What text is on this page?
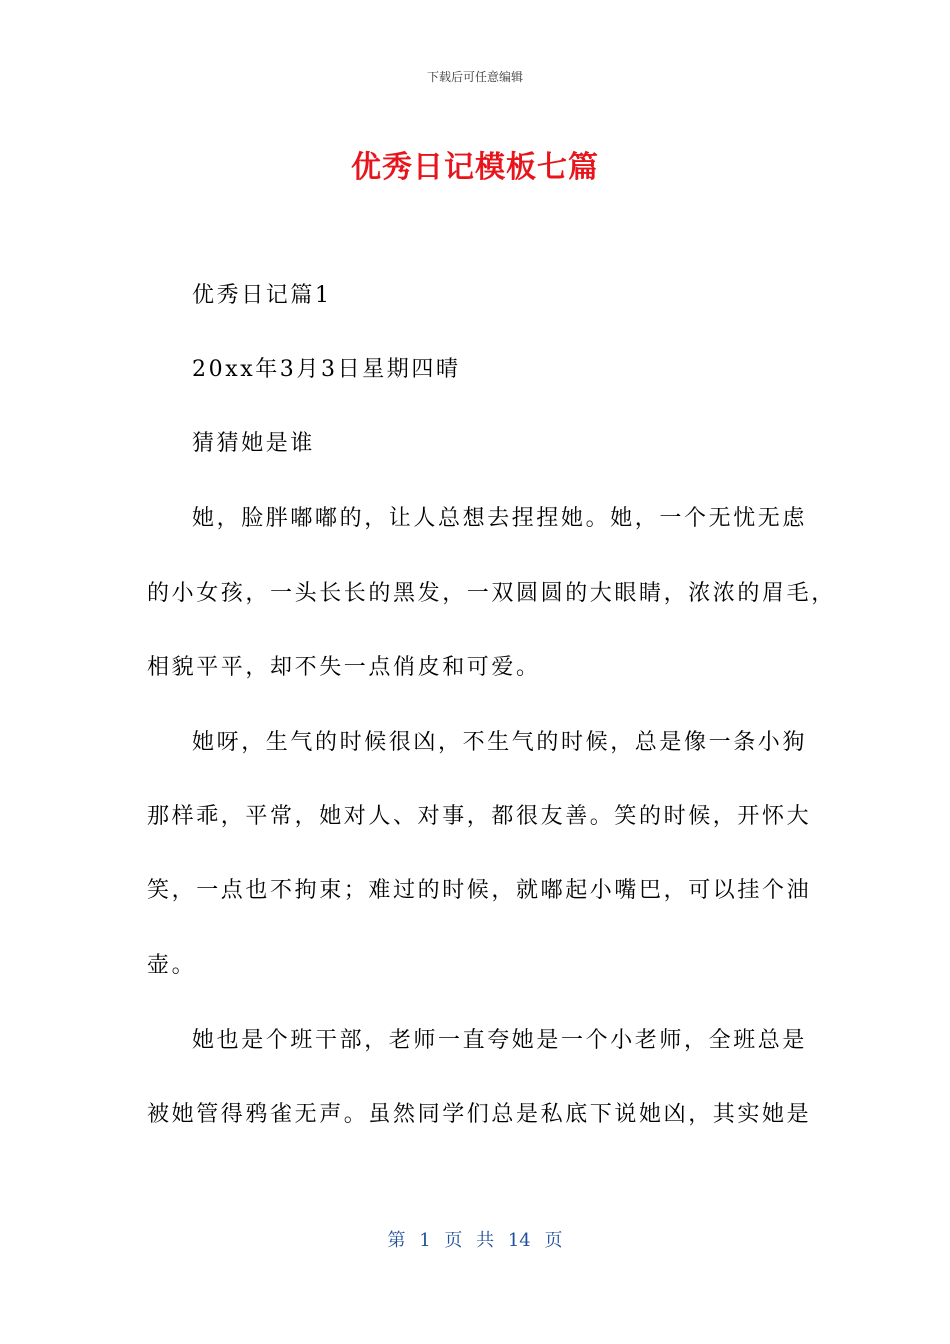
下载后可任意编辑
优秀日记模板七篇
优秀日记篇1
20xx年3月3日星期四晴
猜猜她是谁
她，脸胖嘟嘟的，让人总想去捏捏她。她，一个无忧无虑
的小女孩，一头长长的黑发，一双圆圆的大眼睛，浓浓的眉毛，
相貌平平，却不失一点俏皮和可爱。
她呀，生气的时候很凶，不生气的时候，总是像一条小狗
那样乖，平常，她对人、对事，都很友善。笑的时候，开怀大
笑，一点也不拘束；难过的时候，就嘟起小嘴巴，可以挂个油
壶。
她也是个班干部，老师一直夸她是一个小老师，全班总是
被她管得鸦雀无声。虽然同学们总是私底下说她凶，其实她是
第 1 页 共 14 页
